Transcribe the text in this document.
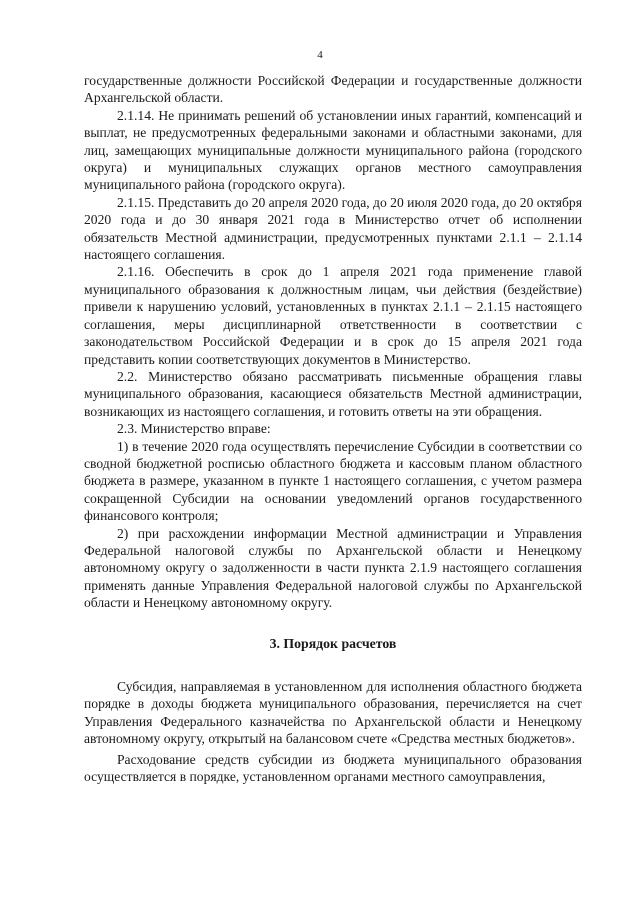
4

государственные должности Российской Федерации и государственные должности Архангельской области.

2.1.14. Не принимать решений об установлении иных гарантий, компенсаций и выплат, не предусмотренных федеральными законами и областными законами, для лиц, замещающих муниципальные должности муниципального района (городского округа) и муниципальных служащих органов местного самоуправления муниципального района (городского округа).

2.1.15. Представить до 20 апреля 2020 года, до 20 июля 2020 года, до 20 октября 2020 года и до 30 января 2021 года в Министерство отчет об исполнении обязательств Местной администрации, предусмотренных пунктами 2.1.1 – 2.1.14 настоящего соглашения.

2.1.16. Обеспечить в срок до 1 апреля 2021 года применение главой муниципального образования к должностным лицам, чьи действия (бездействие) привели к нарушению условий, установленных в пунктах 2.1.1 – 2.1.15 настоящего соглашения, меры дисциплинарной ответственности в соответствии с законодательством Российской Федерации и в срок до 15 апреля 2021 года представить копии соответствующих документов в Министерство.

2.2. Министерство обязано рассматривать письменные обращения главы муниципального образования, касающиеся обязательств Местной администрации, возникающих из настоящего соглашения, и готовить ответы на эти обращения.

2.3. Министерство вправе:

1) в течение 2020 года осуществлять перечисление Субсидии в соответствии со сводной бюджетной росписью областного бюджета и кассовым планом областного бюджета в размере, указанном в пункте 1 настоящего соглашения, с учетом размера сокращенной Субсидии на основании уведомлений органов государственного финансового контроля;

2) при расхождении информации Местной администрации и Управления Федеральной налоговой службы по Архангельской области и Ненецкому автономному округу о задолженности в части пункта 2.1.9 настоящего соглашения применять данные Управления Федеральной налоговой службы по Архангельской области и Ненецкому автономному округу.

3. Порядок расчетов

Субсидия, направляемая в установленном для исполнения областного бюджета порядке в доходы бюджета муниципального образования, перечисляется на счет Управления Федерального казначейства по Архангельской области и Ненецкому автономному округу, открытый на балансовом счете «Средства местных бюджетов».

Расходование средств субсидии из бюджета муниципального образования осуществляется в порядке, установленном органами местного самоуправления,
